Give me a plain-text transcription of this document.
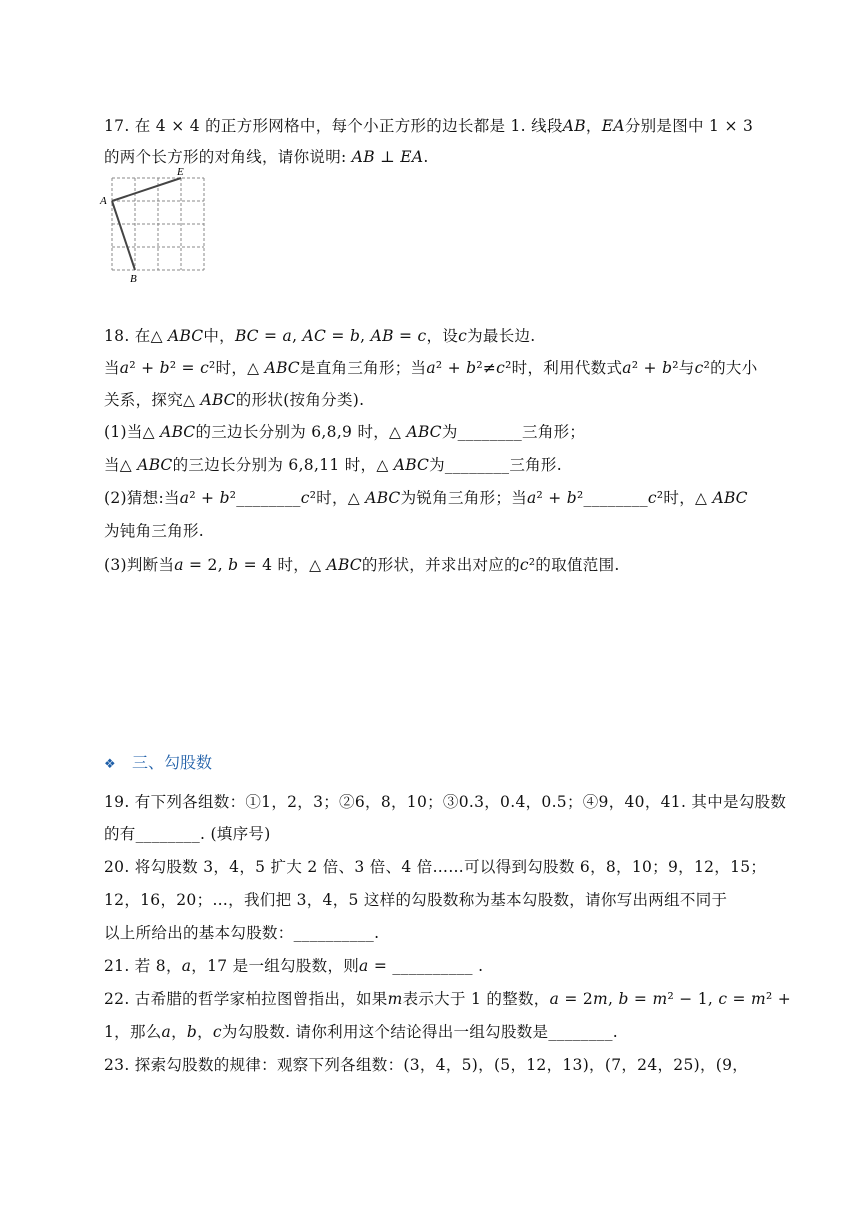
17. 在 4 × 4 的正方形网格中，每个小正方形的边长都是 1. 线段𝐴𝐵，𝐸𝐴分别是图中 1 × 3
的两个长方形的对角线，请你说明: 𝐴𝐵 ⊥ 𝐸𝐴.
A
E
B
18. 在△ 𝐴𝐵𝐶中，𝐵𝐶 = 𝑎, 𝐴𝐶 = 𝑏, 𝐴𝐵 = 𝑐，设𝑐为最长边.
当𝑎² + 𝑏² = 𝑐²时，△ 𝐴𝐵𝐶是直角三角形；当𝑎² + 𝑏²≠𝑐²时，利用代数式𝑎² + 𝑏²与𝑐²的大小
关系，探究△ 𝐴𝐵𝐶的形状(按角分类).
(1)当△ 𝐴𝐵𝐶的三边长分别为 6,8,9 时，△ 𝐴𝐵𝐶为________三角形；
当△ 𝐴𝐵𝐶的三边长分别为 6,8,11 时，△ 𝐴𝐵𝐶为________三角形.
(2)猜想:当𝑎² + 𝑏²________𝑐²时，△ 𝐴𝐵𝐶为锐角三角形；当𝑎² + 𝑏²________𝑐²时，△ 𝐴𝐵𝐶
为钝角三角形.
(3)判断当𝑎 = 2, 𝑏 = 4 时，△ 𝐴𝐵𝐶的形状，并求出对应的𝑐²的取值范围.
❖ 三、勾股数
19. 有下列各组数：①1，2，3；②6，8，10；③0.3，0.4，0.5；④9，40，41. 其中是勾股数
的有________. (填序号)
20. 将勾股数 3，4，5 扩大 2 倍、3 倍、4 倍……可以得到勾股数 6，8，10；9，12，15；
12，16，20；…，我们把 3，4，5 这样的勾股数称为基本勾股数，请你写出两组不同于
以上所给出的基本勾股数：__________.
21. 若 8，𝑎，17 是一组勾股数，则𝑎 = __________ .
22. 古希腊的哲学家柏拉图曾指出，如果𝑚表示大于 1 的整数，𝑎 = 2𝑚, 𝑏 = 𝑚² − 1, 𝑐 = 𝑚² +
1，那么𝑎，𝑏，𝑐为勾股数. 请你利用这个结论得出一组勾股数是________.
23. 探索勾股数的规律：观察下列各组数：(3，4，5)，(5，12，13)，(7，24，25)，(9，
